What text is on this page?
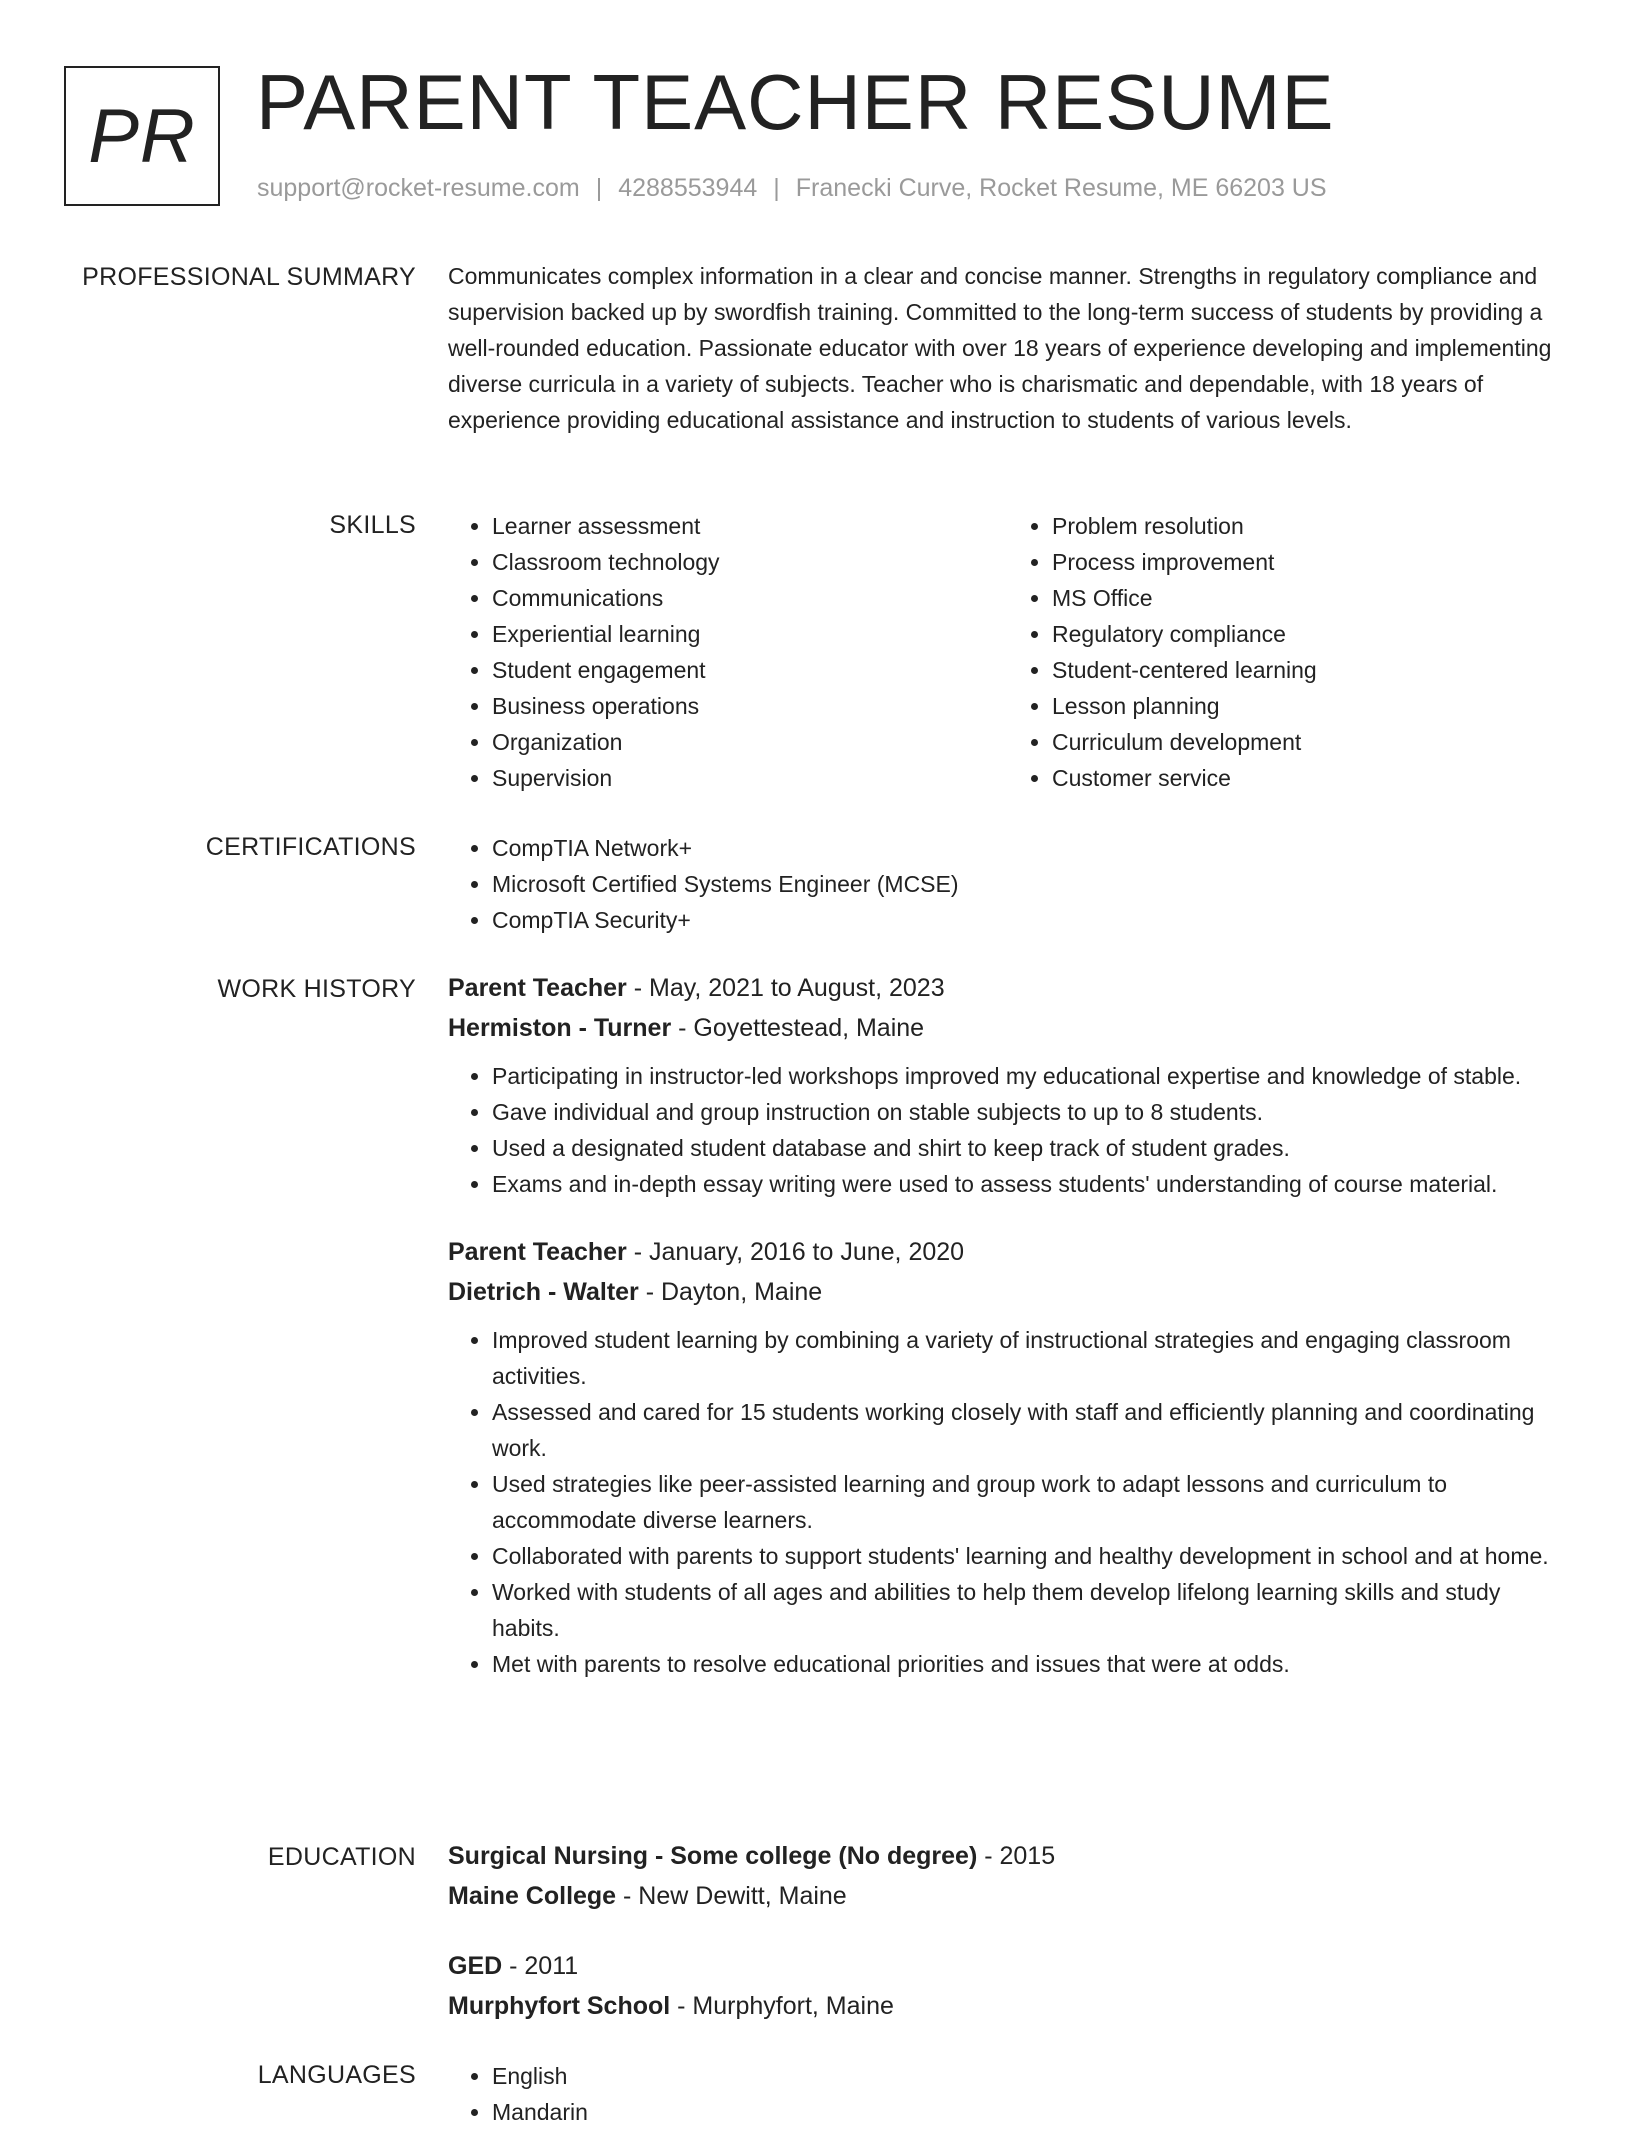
PR PARENT TEACHER RESUME
support@rocket-resume.com | 4288553944 | Franecki Curve, Rocket Resume, ME 66203 US
PROFESSIONAL SUMMARY Communicates complex information in a clear and concise manner. Strengths in regulatory compliance and supervision backed up by swordfish training. Committed to the long-term success of students by providing a well-rounded education. Passionate educator with over 18 years of experience developing and implementing diverse curricula in a variety of subjects. Teacher who is charismatic and dependable, with 18 years of experience providing educational assistance and instruction to students of various levels.
SKILLS	• Learner assessment
• Classroom technology
• Communications
• Experiential learning
• Student engagement
• Business operations
• Organization
• Supervision
• Problem resolution
• Process improvement
• MS Office
• Regulatory compliance
• Student-centered learning
• Lesson planning
• Curriculum development
• Customer service
CERTIFICATIONS	• CompTIA Network+
• Microsoft Certified Systems Engineer (MCSE)
• CompTIA Security+
WORK HISTORY Parent Teacher - May, 2021 to August, 2023
Hermiston - Turner - Goyettestead, Maine
• Participating in instructor-led workshops improved my educational expertise and knowledge of stable.
• Gave individual and group instruction on stable subjects to up to 8 students.
• Used a designated student database and shirt to keep track of student grades.
• Exams and in-depth essay writing were used to assess students' understanding of course material.
Parent Teacher - January, 2016 to June, 2020
Dietrich - Walter - Dayton, Maine
• Improved student learning by combining a variety of instructional strategies and engaging classroom activities.
• Assessed and cared for 15 students working closely with staff and efficiently planning and coordinating work.
• Used strategies like peer-assisted learning and group work to adapt lessons and curriculum to accommodate diverse learners.
• Collaborated with parents to support students' learning and healthy development in school and at home.
• Worked with students of all ages and abilities to help them develop lifelong learning skills and study habits.
• Met with parents to resolve educational priorities and issues that were at odds.
EDUCATION Surgical Nursing - Some college (No degree) - 2015
Maine College - New Dewitt, Maine
GED - 2011
Murphyfort School - Murphyfort, Maine
LANGUAGES	• English
• Mandarin
